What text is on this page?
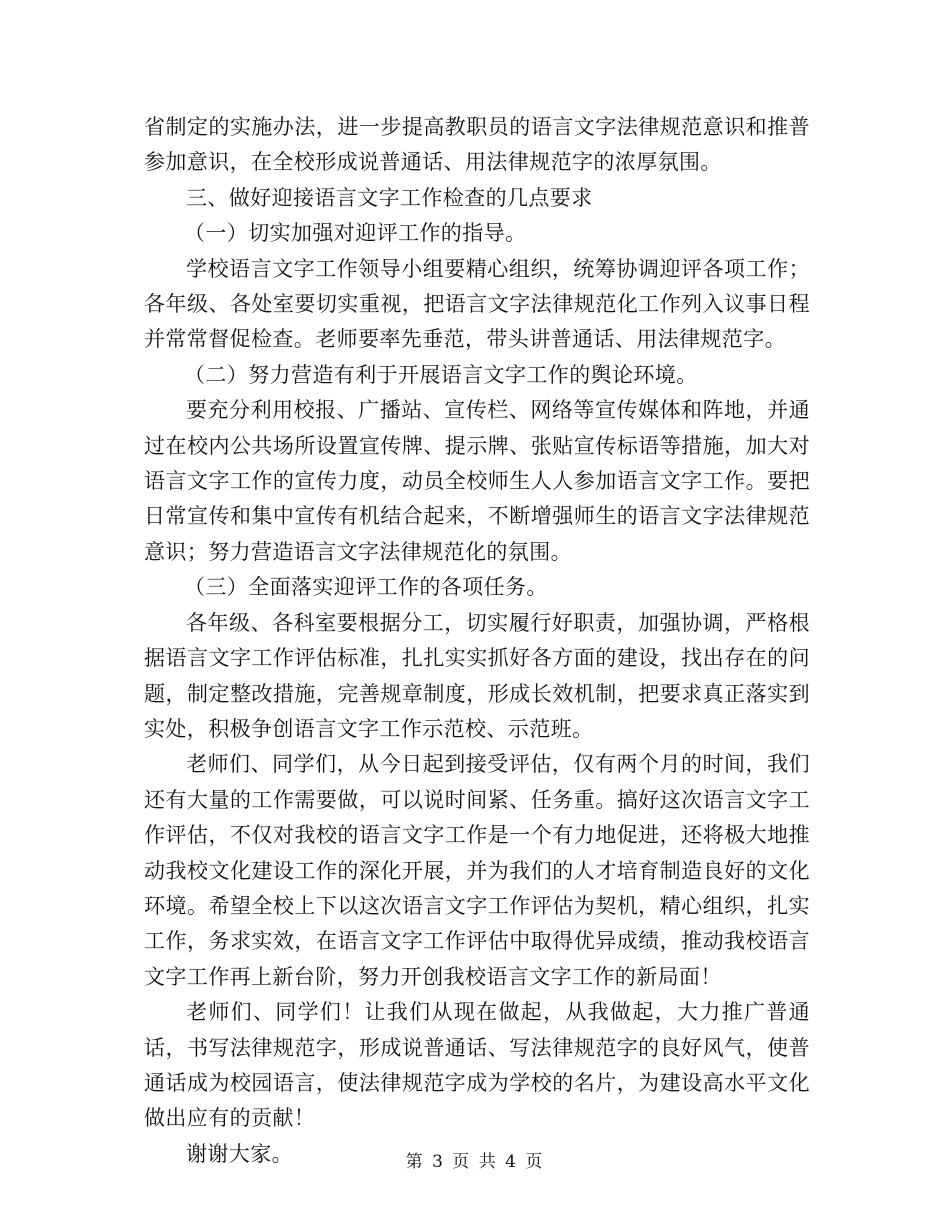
省制定的实施办法，进一步提高教职员的语言文字法律规范意识和推普参加意识，在全校形成说普通话、用法律规范字的浓厚氛围。

三、做好迎接语言文字工作检查的几点要求

（一）切实加强对迎评工作的指导。

学校语言文字工作领导小组要精心组织，统筹协调迎评各项工作；各年级、各处室要切实重视，把语言文字法律规范化工作列入议事日程并常常督促检查。老师要率先垂范，带头讲普通话、用法律规范字。

（二）努力营造有利于开展语言文字工作的舆论环境。

要充分利用校报、广播站、宣传栏、网络等宣传媒体和阵地，并通过在校内公共场所设置宣传牌、提示牌、张贴宣传标语等措施，加大对语言文字工作的宣传力度，动员全校师生人人参加语言文字工作。要把日常宣传和集中宣传有机结合起来，不断增强师生的语言文字法律规范意识；努力营造语言文字法律规范化的氛围。

（三）全面落实迎评工作的各项任务。

各年级、各科室要根据分工，切实履行好职责，加强协调，严格根据语言文字工作评估标准，扎扎实实抓好各方面的建设，找出存在的问题，制定整改措施，完善规章制度，形成长效机制，把要求真正落实到实处，积极争创语言文字工作示范校、示范班。

老师们、同学们，从今日起到接受评估，仅有两个月的时间，我们还有大量的工作需要做，可以说时间紧、任务重。搞好这次语言文字工作评估，不仅对我校的语言文字工作是一个有力地促进，还将极大地推动我校文化建设工作的深化开展，并为我们的人才培育制造良好的文化环境。希望全校上下以这次语言文字工作评估为契机，精心组织，扎实工作，务求实效，在语言文字工作评估中取得优异成绩，推动我校语言文字工作再上新台阶，努力开创我校语言文字工作的新局面！

老师们、同学们！让我们从现在做起，从我做起，大力推广普通话，书写法律规范字，形成说普通话、写法律规范字的良好风气，使普通话成为校园语言，使法律规范字成为学校的名片，为建设高水平文化做出应有的贡献！

谢谢大家。	第 3 页 共 4 页
